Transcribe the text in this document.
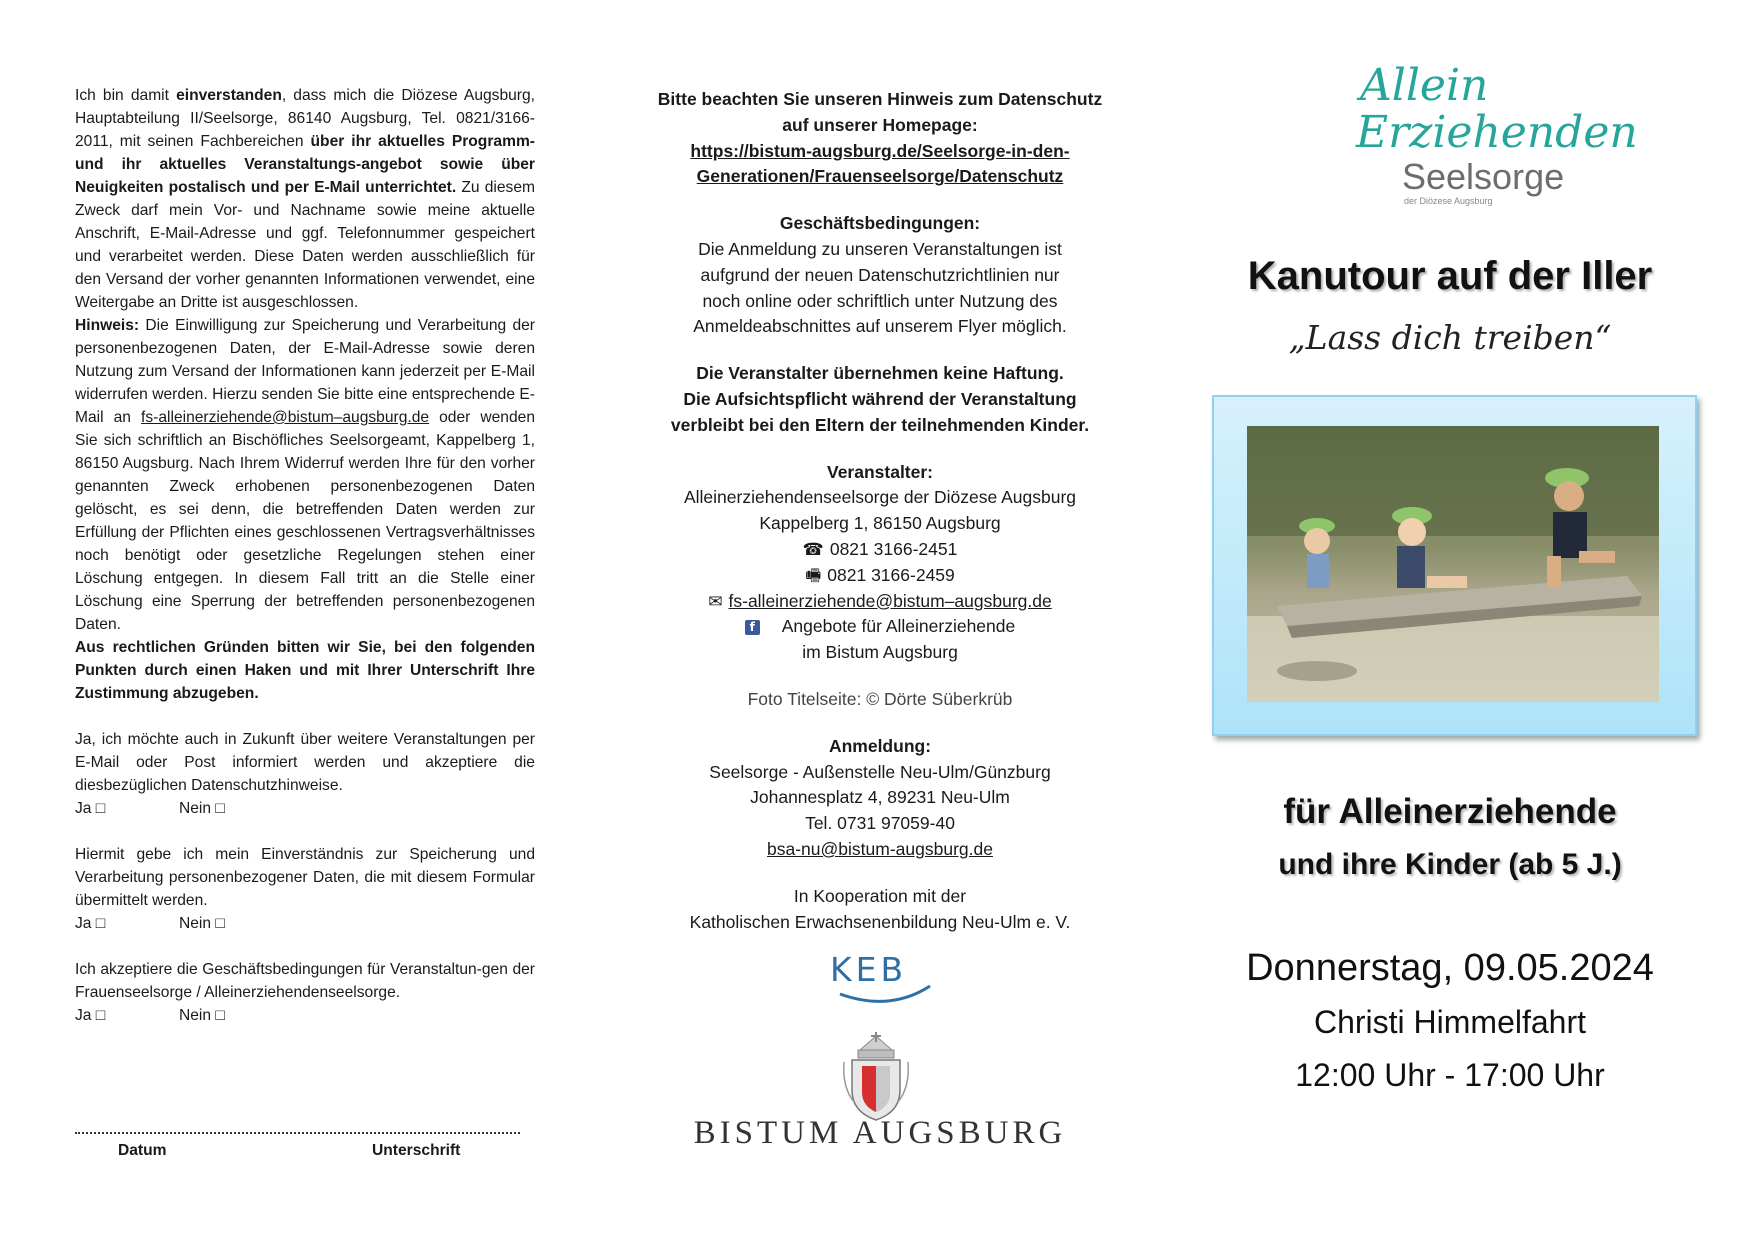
Ich bin damit einverstanden, dass mich die Diözese Augsburg, Hauptabteilung II/Seelsorge, 86140 Augsburg, Tel. 0821/3166-2011, mit seinen Fachbereichen über ihr aktuelles Programm- und ihr aktuelles Veranstaltungs-angebot sowie über Neuigkeiten postalisch und per E-Mail unterrichtet. Zu diesem Zweck darf mein Vor- und Nachname sowie meine aktuelle Anschrift, E-Mail-Adresse und ggf. Telefonnummer gespeichert und verarbeitet werden. Diese Daten werden ausschließlich für den Versand der vorher genannten Informationen verwendet, eine Weitergabe an Dritte ist ausgeschlossen.

Hinweis: Die Einwilligung zur Speicherung und Verarbeitung der personenbezogenen Daten, der E-Mail-Adresse sowie deren Nutzung zum Versand der Informationen kann jederzeit per E-Mail widerrufen werden. Hierzu senden Sie bitte eine entsprechende E-Mail an fs-alleinerziehende@bistum–augsburg.de oder wenden Sie sich schriftlich an Bischöfliches Seelsorgeamt, Kappelberg 1, 86150 Augsburg. Nach Ihrem Widerruf werden Ihre für den vorher genannten Zweck erhobenen personenbezogenen Daten gelöscht, es sei denn, die betreffenden Daten werden zur Erfüllung der Pflichten eines geschlossenen Vertragsverhältnisses noch benötigt oder gesetzliche Regelungen stehen einer Löschung entgegen. In diesem Fall tritt an die Stelle einer Löschung eine Sperrung der betreffenden personenbezogenen Daten.

Aus rechtlichen Gründen bitten wir Sie, bei den folgenden Punkten durch einen Haken und mit Ihrer Unterschrift Ihre Zustimmung abzugeben.

Ja, ich möchte auch in Zukunft über weitere Veranstaltungen per E-Mail oder Post informiert werden und akzeptiere die diesbezüglichen Datenschutzhinweise.

Ja □	Nein □

Hiermit gebe ich mein Einverständnis zur Speicherung und Verarbeitung personenbezogener Daten, die mit diesem Formular übermittelt werden.

Ja □	Nein □

Ich akzeptiere die Geschäftsbedingungen für Veranstaltun-gen der Frauenseelsorge / Alleinerziehendenseelsorge.

Ja □	Nein □

Datum	Unterschrift

Bitte beachten Sie unseren Hinweis zum Datenschutz

auf unserer Homepage:

https://bistum-augsburg.de/Seelsorge-in-den-

Generationen/Frauenseelsorge/Datenschutz

Geschäftsbedingungen:

Die Anmeldung zu unseren Veranstaltungen ist

aufgrund der neuen Datenschutzrichtlinien nur

noch online oder schriftlich unter Nutzung des

Anmeldeabschnittes auf unserem Flyer möglich.

Die Veranstalter übernehmen keine Haftung.

Die Aufsichtspflicht während der Veranstaltung

verbleibt bei den Eltern der teilnehmenden Kinder.

Veranstalter:

Alleinerziehendenseelsorge der Diözese Augsburg

Kappelberg 1, 86150 Augsburg

☎ 0821 3166-2451

🖷 0821 3166-2459

✉ fs-alleinerziehende@bistum–augsburg.de

f Angebote für Alleinerziehende

im Bistum Augsburg

Foto Titelseite: © Dörte Süberkrüb

Anmeldung:

Seelsorge - Außenstelle Neu-Ulm/Günzburg

Johannesplatz 4, 89231 Neu-Ulm

Tel. 0731 97059-40

bsa-nu@bistum-augsburg.de

In Kooperation mit der

Katholischen Erwachsenenbildung Neu-Ulm e. V.

KEB
BISTUM AUGSBURG
Allein
Erziehenden
Seelsorge
der Diözese Augsburg
Kanutour auf der Iller
„Lass dich treiben“
für Alleinerziehende
und ihre Kinder (ab 5 J.)
Donnerstag, 09.05.2024
Christi Himmelfahrt
12:00 Uhr - 17:00 Uhr
